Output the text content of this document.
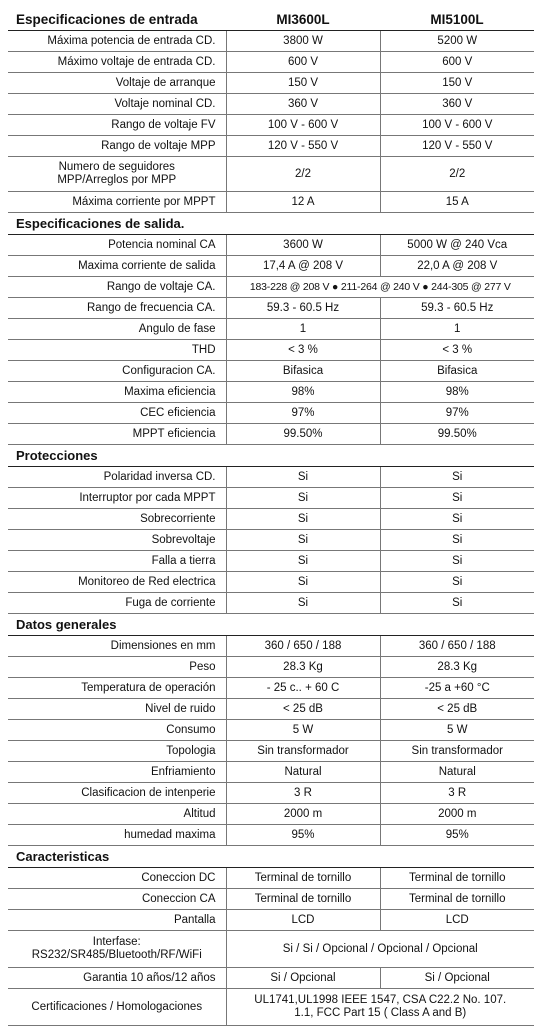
Especificaciones de entrada	MI3600L	MI5100L
Máxima potencia de entrada CD.	3800 W	5200 W
Máximo voltaje de entrada CD.	600 V	600 V
Voltaje de arranque	150 V	150 V
Voltaje nominal CD.	360 V	360 V
Rango de voltaje FV	100 V - 600 V	100 V - 600 V
Rango de voltaje MPP	120 V - 550 V	120 V - 550 V
Numero de seguidores
MPP/Arreglos por MPP	2/2	2/2
Máxima corriente por MPPT	12 A	15 A
Especificaciones de salida.		
Potencia nominal CA	3600 W	5000 W @ 240 Vca
Maxima corriente de salida	17,4 A @ 208 V	22,0 A @ 208 V
Rango de voltaje CA.	183-228 @ 208 V ● 211-264 @ 240 V ● 244-305 @ 277 V	
Rango de frecuencia CA.	59.3 - 60.5 Hz	59.3 - 60.5 Hz
Angulo de fase	1	1
THD	< 3 %	< 3 %
Configuracion CA.	Bifasica	Bifasica
Maxima eficiencia	98%	98%
CEC eficiencia	97%	97%
MPPT eficiencia	99.50%	99.50%
Protecciones		
Polaridad inversa CD.	Si	Si
Interruptor por cada MPPT	Si	Si
Sobrecorriente	Si	Si
Sobrevoltaje	Si	Si
Falla a tierra	Si	Si
Monitoreo de Red electrica	Si	Si
Fuga de corriente	Si	Si
Datos generales		
Dimensiones en mm	360 / 650 / 188	360 / 650 / 188
Peso	28.3 Kg	28.3 Kg
Temperatura de operación	- 25 c.. + 60 C	-25 a +60 °C
Nivel de ruido	< 25 dB	< 25 dB
Consumo	5 W	5 W
Topologia	Sin transformador	Sin transformador
Enfriamiento	Natural	Natural
Clasificacion de intenperie	3 R	3 R
Altitud	2000 m	2000 m
humedad maxima	95%	95%
Caracteristicas		
Coneccion DC	Terminal de tornillo	Terminal de tornillo
Coneccion CA	Terminal de tornillo	Terminal de tornillo
Pantalla	LCD	LCD
Interfase:
RS232/SR485/Bluetooth/RF/WiFi	Si / Si / Opcional / Opcional / Opcional	
Garantia 10 años/12 años	Si / Opcional	Si / Opcional
Certificaciones / Homologaciones	UL1741,UL1998 IEEE 1547, CSA C22.2 No. 107.
1.1, FCC Part 15 ( Class A and B)	
